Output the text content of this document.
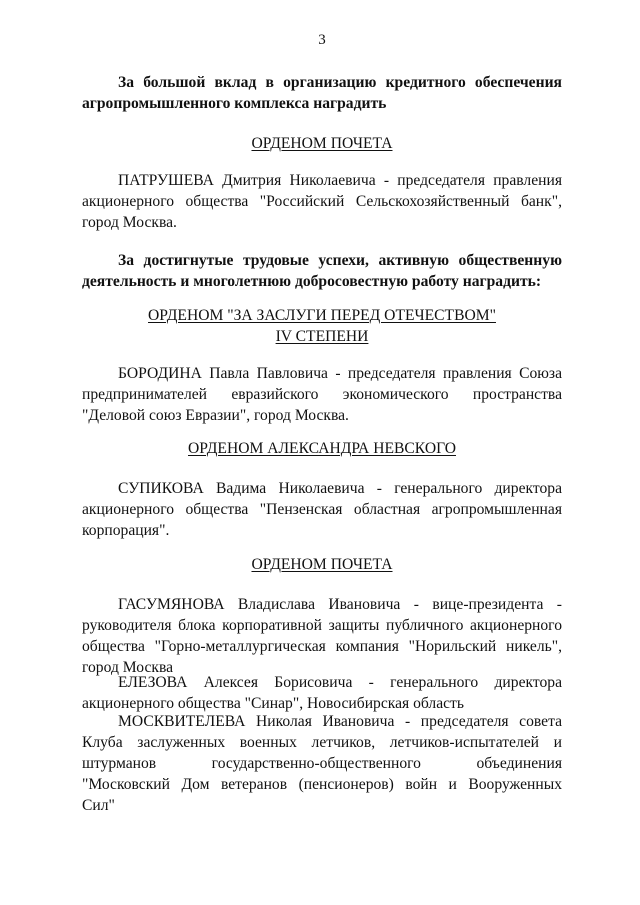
3
За большой вклад в организацию кредитного обеспечения
агропромышленного комплекса наградить
ОРДЕНОМ ПОЧЕТА
ПАТРУШЕВА Дмитрия Николаевича - председателя правления
акционерного общества "Российский Сельскохозяйственный банк",
город Москва.
За достигнутые трудовые успехи, активную общественную
деятельность и многолетнюю добросовестную работу наградить:
ОРДЕНОМ "ЗА ЗАСЛУГИ ПЕРЕД ОТЕЧЕСТВОМ"
IV СТЕПЕНИ
БОРОДИНА Павла Павловича - председателя правления Союза
предпринимателей евразийского экономического пространства
"Деловой союз Евразии", город Москва.
ОРДЕНОМ АЛЕКСАНДРА НЕВСКОГО
СУПИКОВА Вадима Николаевича - генерального директора
акционерного общества "Пензенская областная агропромышленная
корпорация".
ОРДЕНОМ ПОЧЕТА
ГАСУМЯНОВА Владислава Ивановича - вице-президента -
руководителя блока корпоративной защиты публичного акционерного
общества "Горно-металлургическая компания "Норильский никель",
город Москва
ЕЛЕЗОВА Алексея Борисовича - генерального директора
акционерного общества "Синар", Новосибирская область
МОСКВИТЕЛЕВА Николая Ивановича - председателя совета
Клуба заслуженных военных летчиков, летчиков-испытателей и
штурманов государственно-общественного объединения
"Московский Дом ветеранов (пенсионеров) войн и Вооруженных
Сил"
